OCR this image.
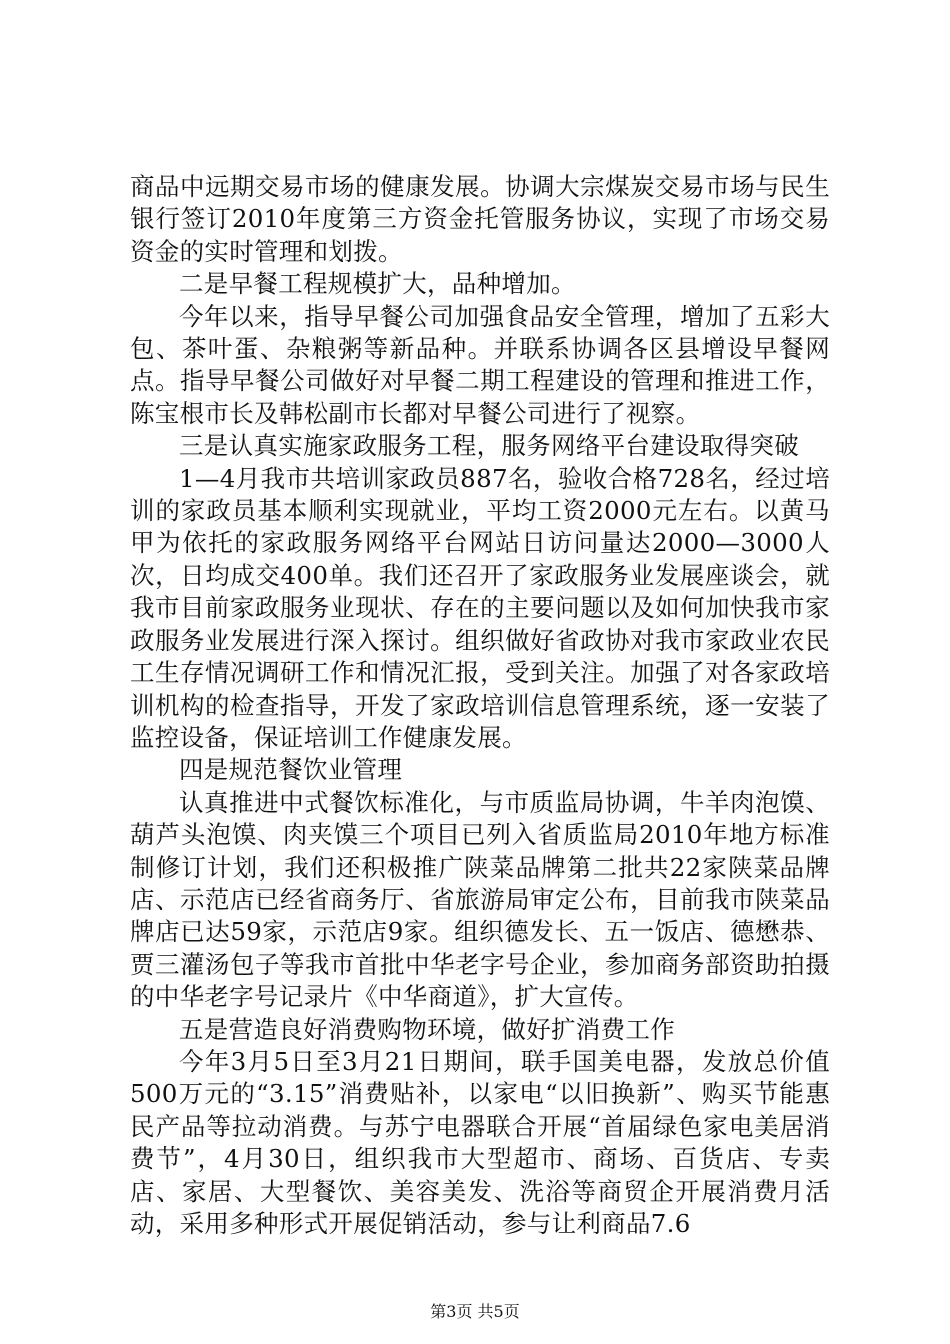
商品中远期交易市场的健康发展。协调大宗煤炭交易市场与民生银行签订2010年度第三方资金托管服务协议，实现了市场交易资金的实时管理和划拨。

二是早餐工程规模扩大，品种增加。

今年以来，指导早餐公司加强食品安全管理，增加了五彩大包、茶叶蛋、杂粮粥等新品种。并联系协调各区县增设早餐网点。指导早餐公司做好对早餐二期工程建设的管理和推进工作，陈宝根市长及韩松副市长都对早餐公司进行了视察。

三是认真实施家政服务工程，服务网络平台建设取得突破

1—4月我市共培训家政员887名，验收合格728名，经过培训的家政员基本顺利实现就业，平均工资2000元左右。以黄马甲为依托的家政服务网络平台网站日访问量达2000—3000人次，日均成交400单。我们还召开了家政服务业发展座谈会，就我市目前家政服务业现状、存在的主要问题以及如何加快我市家政服务业发展进行深入探讨。组织做好省政协对我市家政业农民工生存情况调研工作和情况汇报，受到关注。加强了对各家政培训机构的检查指导，开发了家政培训信息管理系统，逐一安装了监控设备，保证培训工作健康发展。

四是规范餐饮业管理

认真推进中式餐饮标准化，与市质监局协调，牛羊肉泡馍、葫芦头泡馍、肉夹馍三个项目已列入省质监局2010年地方标准制修订计划，我们还积极推广陕菜品牌第二批共22家陕菜品牌店、示范店已经省商务厅、省旅游局审定公布，目前我市陕菜品牌店已达59家，示范店9家。组织德发长、五一饭店、德懋恭、贾三灌汤包子等我市首批中华老字号企业，参加商务部资助拍摄的中华老字号记录片《中华商道》，扩大宣传。

五是营造良好消费购物环境，做好扩消费工作

今年3月5日至3月21日期间，联手国美电器，发放总价值500万元的“3.15”消费贴补，以家电“以旧换新”、购买节能惠民产品等拉动消费。与苏宁电器联合开展“首届绿色家电美居消费节”，4月30日，组织我市大型超市、商场、百货店、专卖店、家居、大型餐饮、美容美发、洗浴等商贸企开展消费月活动，采用多种形式开展促销活动，参与让利商品7.6

第3页 共5页
